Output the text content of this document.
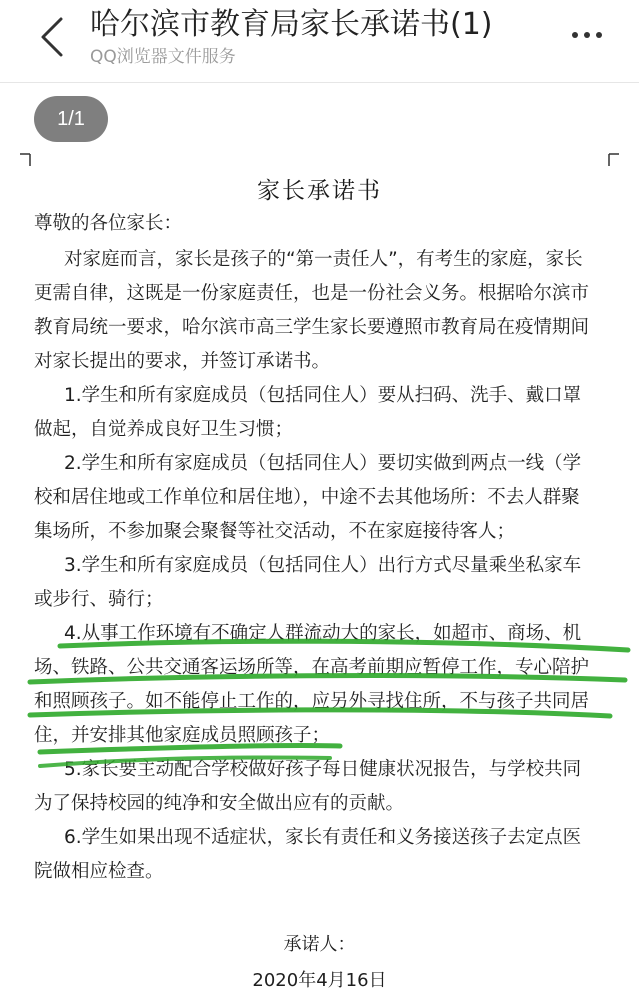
哈尔滨市教育局家长承诺书(1)
QQ浏览器文件服务
1/1
家长承诺书
尊敬的各位家长：
对家庭而言，家长是孩子的“第一责任人”，有考生的家庭，家长
更需自律，这既是一份家庭责任，也是一份社会义务。根据哈尔滨市
教育局统一要求，哈尔滨市高三学生家长要遵照市教育局在疫情期间
对家长提出的要求，并签订承诺书。
1.学生和所有家庭成员（包括同住人）要从扫码、洗手、戴口罩
做起，自觉养成良好卫生习惯；
2.学生和所有家庭成员（包括同住人）要切实做到两点一线（学
校和居住地或工作单位和居住地），中途不去其他场所：不去人群聚
集场所，不参加聚会聚餐等社交活动，不在家庭接待客人；
3.学生和所有家庭成员（包括同住人）出行方式尽量乘坐私家车
或步行、骑行；
4.从事工作环境有不确定人群流动大的家长，如超市、商场、机
场、铁路、公共交通客运场所等，在高考前期应暂停工作，专心陪护
和照顾孩子。如不能停止工作的，应另外寻找住所，不与孩子共同居
住，并安排其他家庭成员照顾孩子；
5.家长要主动配合学校做好孩子每日健康状况报告，与学校共同
为了保持校园的纯净和安全做出应有的贡献。
6.学生如果出现不适症状，家长有责任和义务接送孩子去定点医
院做相应检查。
承诺人：
2020年4月16日
